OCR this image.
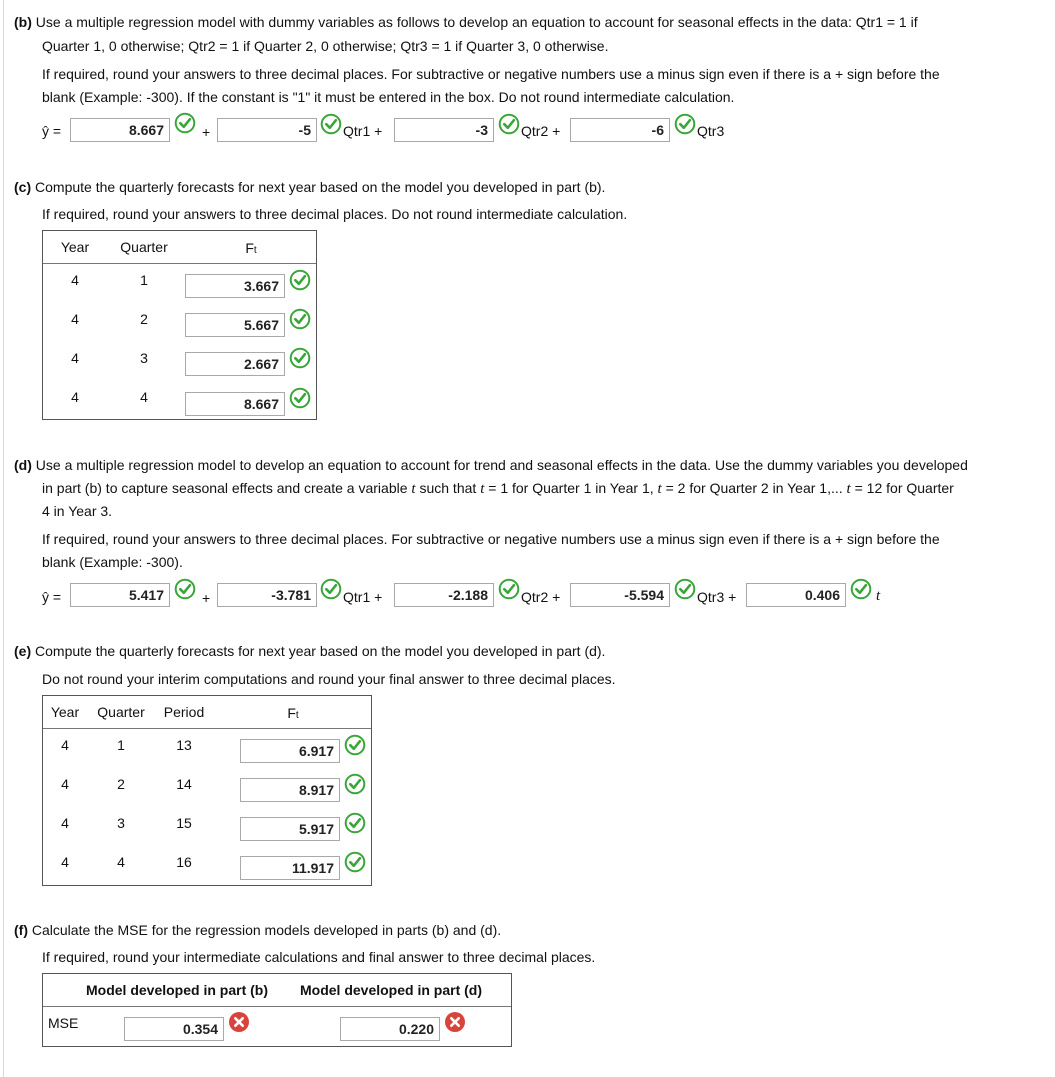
(b) Use a multiple regression model with dummy variables as follows to develop an equation to account for seasonal effects in the data: Qtr1 = 1 if
Quarter 1, 0 otherwise; Qtr2 = 1 if Quarter 2, 0 otherwise; Qtr3 = 1 if Quarter 3, 0 otherwise.
If required, round your answers to three decimal places. For subtractive or negative numbers use a minus sign even if there is a + sign before the
blank (Example: -300). If the constant is "1" it must be entered in the box. Do not round intermediate calculation.
ŷ =	8.667	+	-5	Qtr1 +	-3	Qtr2 +	-6	Qtr3
(c) Compute the quarterly forecasts for next year based on the model you developed in part (b).
If required, round your answers to three decimal places. Do not round intermediate calculation.
Year	Quarter	Ft
4	1	3.667
4	2	5.667
4	3	2.667
4	4	8.667
(d) Use a multiple regression model to develop an equation to account for trend and seasonal effects in the data. Use the dummy variables you developed
in part (b) to capture seasonal effects and create a variable t such that t = 1 for Quarter 1 in Year 1, t = 2 for Quarter 2 in Year 1,... t = 12 for Quarter
4 in Year 3.
If required, round your answers to three decimal places. For subtractive or negative numbers use a minus sign even if there is a + sign before the
blank (Example: -300).
ŷ =	5.417	+	-3.781	Qtr1 +	-2.188	Qtr2 +	-5.594	Qtr3 +	0.406	t
(e) Compute the quarterly forecasts for next year based on the model you developed in part (d).
Do not round your interim computations and round your final answer to three decimal places.
Year	Quarter	Period	Ft
4	1	13	6.917
4	2	14	8.917
4	3	15	5.917
4	4	16	11.917
(f) Calculate the MSE for the regression models developed in parts (b) and (d).
If required, round your intermediate calculations and final answer to three decimal places.
Model developed in part (b) Model developed in part (d)
MSE	0.354	0.220
